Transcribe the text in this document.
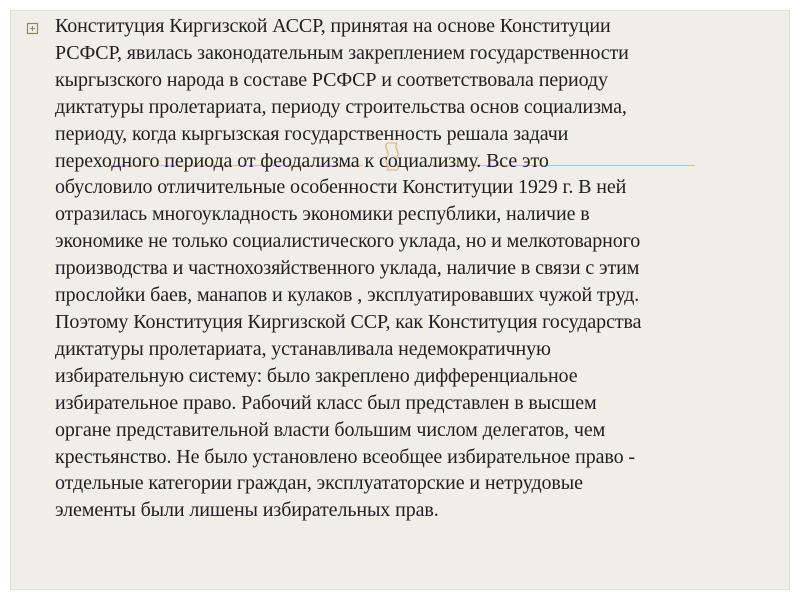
Конституция Киргизской АССР, принятая на основе Конституции
РСФСР, явилась законодательным закреплением государственности
кыргызского народа в составе РСФСР и соответствовала периоду
диктатуры пролетариата, периоду строительства основ социализма,
периоду, когда кыргызская государственность решала задачи
переходного периода от феодализма к социализму. Все это
обусловило отличительные особенности Конституции 1929 г. В ней
отразилась многоукладность экономики республики, наличие в
экономике не только социалистического уклада, но и мелкотоварного
производства и частнохозяйственного уклада, наличие в связи с этим
прослойки баев, манапов и кулаков , эксплуатировавших чужой труд.
Поэтому Конституция Киргизской ССР, как Конституция государства
диктатуры пролетариата, устанавливала недемократичную
избирательную систему: было закреплено дифференциальное
избирательное право. Рабочий класс был представлен в высшем
органе представительной власти большим числом делегатов, чем
крестьянство. Не было установлено всеобщее избирательное право -
отдельные категории граждан, эксплуататорские и нетрудовые
элементы были лишены избирательных прав.
